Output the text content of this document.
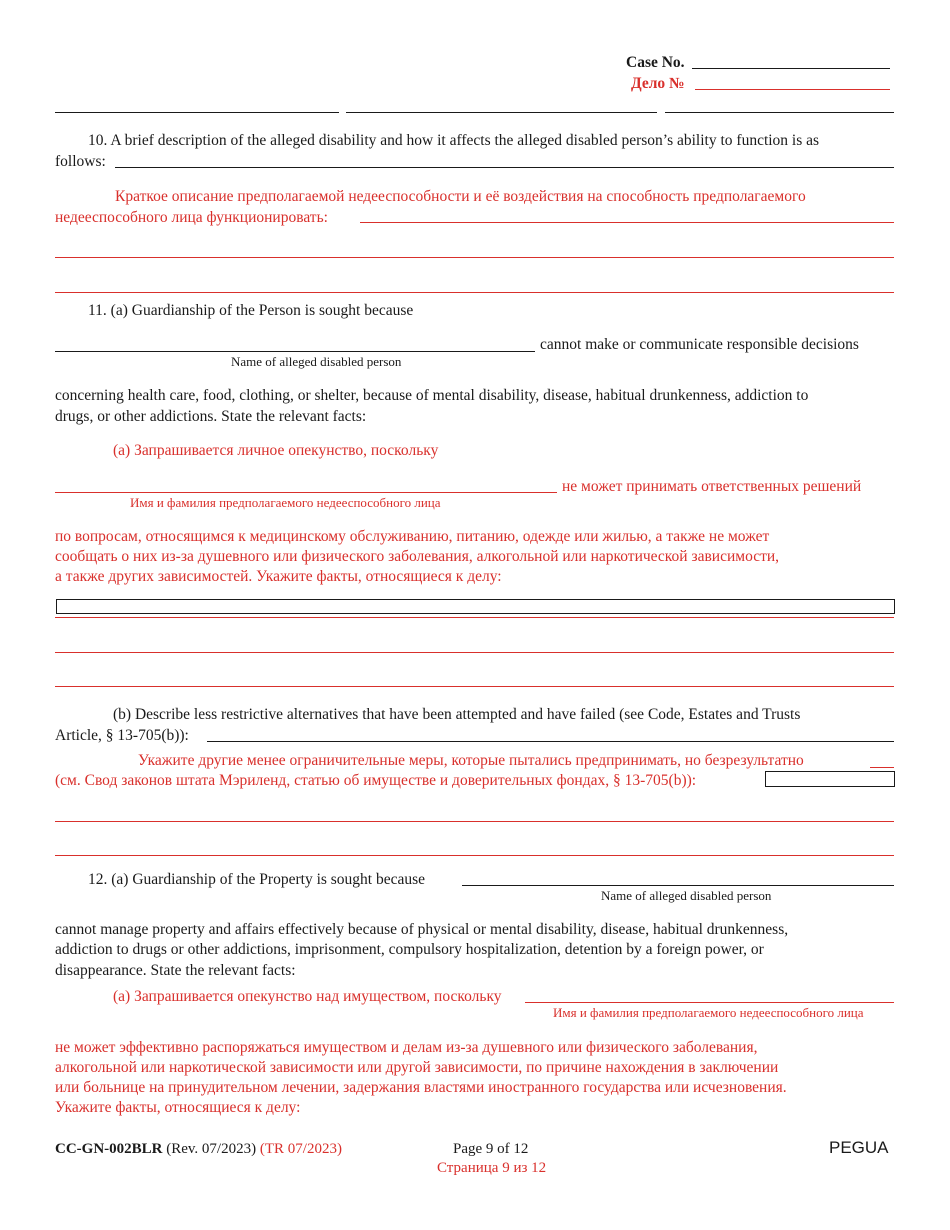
Case No.
Дело №
10. A brief description of the alleged disability and how it affects the alleged disabled person’s ability to function is as
follows:
Краткое описание предполагаемой недееспособности и её воздействия на способность предполагаемого
недееспособного лица функционировать:
11. (a) Guardianship of the Person is sought because
cannot make or communicate responsible decisions
Name of alleged disabled person
concerning health care, food, clothing, or shelter, because of mental disability, disease, habitual drunkenness, addiction to
drugs, or other addictions. State the relevant facts:
(a) Запрашивается личное опекунство, поскольку
не может принимать ответственных решений
Имя и фамилия предполагаемого недееспособного лица
по вопросам, относящимся к медицинскому обслуживанию, питанию, одежде или жилью, а также не может
сообщать о них из-за душевного или физического заболевания, алкогольной или наркотической зависимости,
а также других зависимостей. Укажите факты, относящиеся к делу:
(b) Describe less restrictive alternatives that have been attempted and have failed (see Code, Estates and Trusts
Article, § 13-705(b)):
Укажите другие менее ограничительные меры, которые пытались предпринимать, но безрезультатно
(см. Свод законов штата Мэриленд, статью об имуществе и доверительных фондах, § 13-705(b)):
12. (a) Guardianship of the Property is sought because
Name of alleged disabled person
cannot manage property and affairs effectively because of physical or mental disability, disease, habitual drunkenness,
addiction to drugs or other addictions, imprisonment, compulsory hospitalization, detention by a foreign power, or
disappearance. State the relevant facts:
(a) Запрашивается опекунство над имуществом, поскольку
Имя и фамилия предполагаемого недееспособного лица
не может эффективно распоряжаться имуществом и делам из-за душевного или физического заболевания,
алкогольной или наркотической зависимости или другой зависимости, по причине нахождения в заключении
или больнице на принудительном лечении, задержания властями иностранного государства или исчезновения.
Укажите факты, относящиеся к делу:
CC-GN-002BLR (Rev. 07/2023) (TR 07/2023)	Page 9 of 12
Страница 9 из 12
PEGUA
